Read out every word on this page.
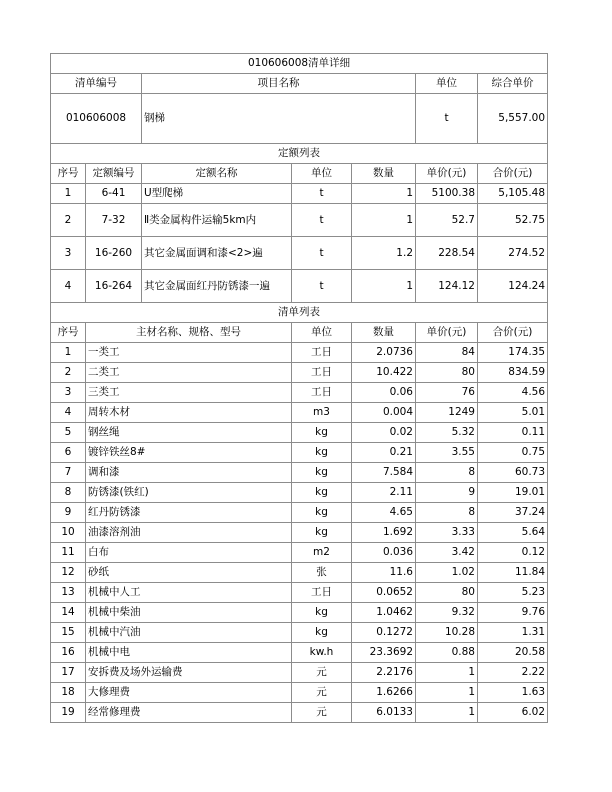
010606008清单详细						
清单编号		项目名称			单位	综合单价
010606008		钢梯			t	5,557.00
定额列表						
序号	定额编号	定额名称	单位	数量	单价(元)	合价(元)
1	6-41	U型爬梯	t	1	5100.38	5,105.48
2	7-32	Ⅱ类金属构件运输5km内	t	1	52.7	52.75
3	16-260	其它金属面调和漆<2>遍	t	1.2	228.54	274.52
4	16-264	其它金属面红丹防锈漆一遍	t	1	124.12	124.24
清单列表						
序号	主材名称、规格、型号		单位	数量	单价(元)	合价(元)
1	一类工		工日	2.0736	84	174.35
2	二类工		工日	10.422	80	834.59
3	三类工		工日	0.06	76	4.56
4	周转木材		m3	0.004	1249	5.01
5	钢丝绳		kg	0.02	5.32	0.11
6	镀锌铁丝8#		kg	0.21	3.55	0.75
7	调和漆		kg	7.584	8	60.73
8	防锈漆(铁红)		kg	2.11	9	19.01
9	红丹防锈漆		kg	4.65	8	37.24
10	油漆溶剂油		kg	1.692	3.33	5.64
11	白布		m2	0.036	3.42	0.12
12	砂纸		张	11.6	1.02	11.84
13	机械中人工		工日	0.0652	80	5.23
14	机械中柴油		kg	1.0462	9.32	9.76
15	机械中汽油		kg	0.1272	10.28	1.31
16	机械中电		kw.h	23.3692	0.88	20.58
17	安拆费及场外运输费		元	2.2176	1	2.22
18	大修理费		元	1.6266	1	1.63
19	经常修理费		元	6.0133	1	6.02
